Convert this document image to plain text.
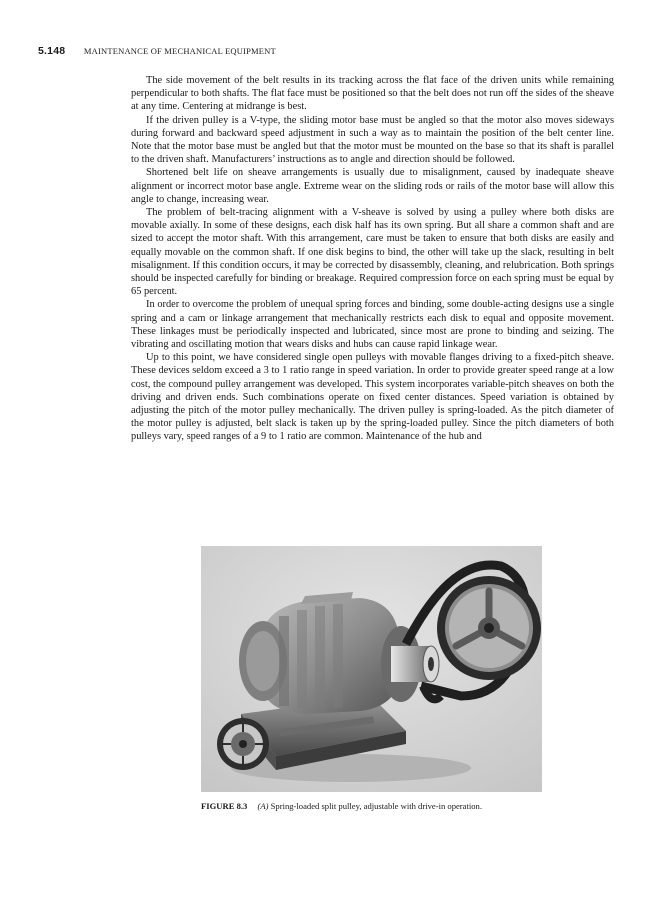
5.148 MAINTENANCE OF MECHANICAL EQUIPMENT

The side movement of the belt results in its tracking across the flat face of the driven units while remaining perpendicular to both shafts. The flat face must be positioned so that the belt does not run off the sides of the sheave at any time. Centering at midrange is best.

If the driven pulley is a V-type, the sliding motor base must be angled so that the motor also moves sideways during forward and backward speed adjustment in such a way as to maintain the position of the belt center line. Note that the motor base must be angled but that the motor must be mounted on the base so that its shaft is parallel to the driven shaft. Manufacturers’ instructions as to angle and direction should be followed.

Shortened belt life on sheave arrangements is usually due to misalignment, caused by inadequate sheave alignment or incorrect motor base angle. Extreme wear on the sliding rods or rails of the motor base will allow this angle to change, increasing wear.

The problem of belt-tracing alignment with a V-sheave is solved by using a pulley where both disks are movable axially. In some of these designs, each disk half has its own spring. But all share a common shaft and are sized to accept the motor shaft. With this arrangement, care must be taken to ensure that both disks are easily and equally movable on the common shaft. If one disk begins to bind, the other will take up the slack, resulting in belt misalignment. If this condition occurs, it may be corrected by disassembly, cleaning, and relubrication. Both springs should be inspected carefully for binding or breakage. Required compression force on each spring must be equal by 65 percent.

In order to overcome the problem of unequal spring forces and binding, some double-acting designs use a single spring and a cam or linkage arrangement that mechanically restricts each disk to equal and opposite movement. These linkages must be periodically inspected and lubricated, since most are prone to binding and seizing. The vibrating and oscillating motion that wears disks and hubs can cause rapid linkage wear.

Up to this point, we have considered single open pulleys with movable flanges driving to a fixed-pitch sheave. These devices seldom exceed a 3 to 1 ratio range in speed variation. In order to provide greater speed range at a low cost, the compound pulley arrangement was developed. This system incorporates variable-pitch sheaves on both the driving and driven ends. Such combinations operate on fixed center distances. Speed variation is obtained by adjusting the pitch of the motor pulley mechanically. The driven pulley is spring-loaded. As the pitch diameter of the motor pulley is adjusted, belt slack is taken up by the spring-loaded pulley. Since the pitch diameters of both pulleys vary, speed ranges of a 9 to 1 ratio are common. Maintenance of the hub and

FIGURE 8.3 (A) Spring-loaded split pulley, adjustable with drive-in operation.
